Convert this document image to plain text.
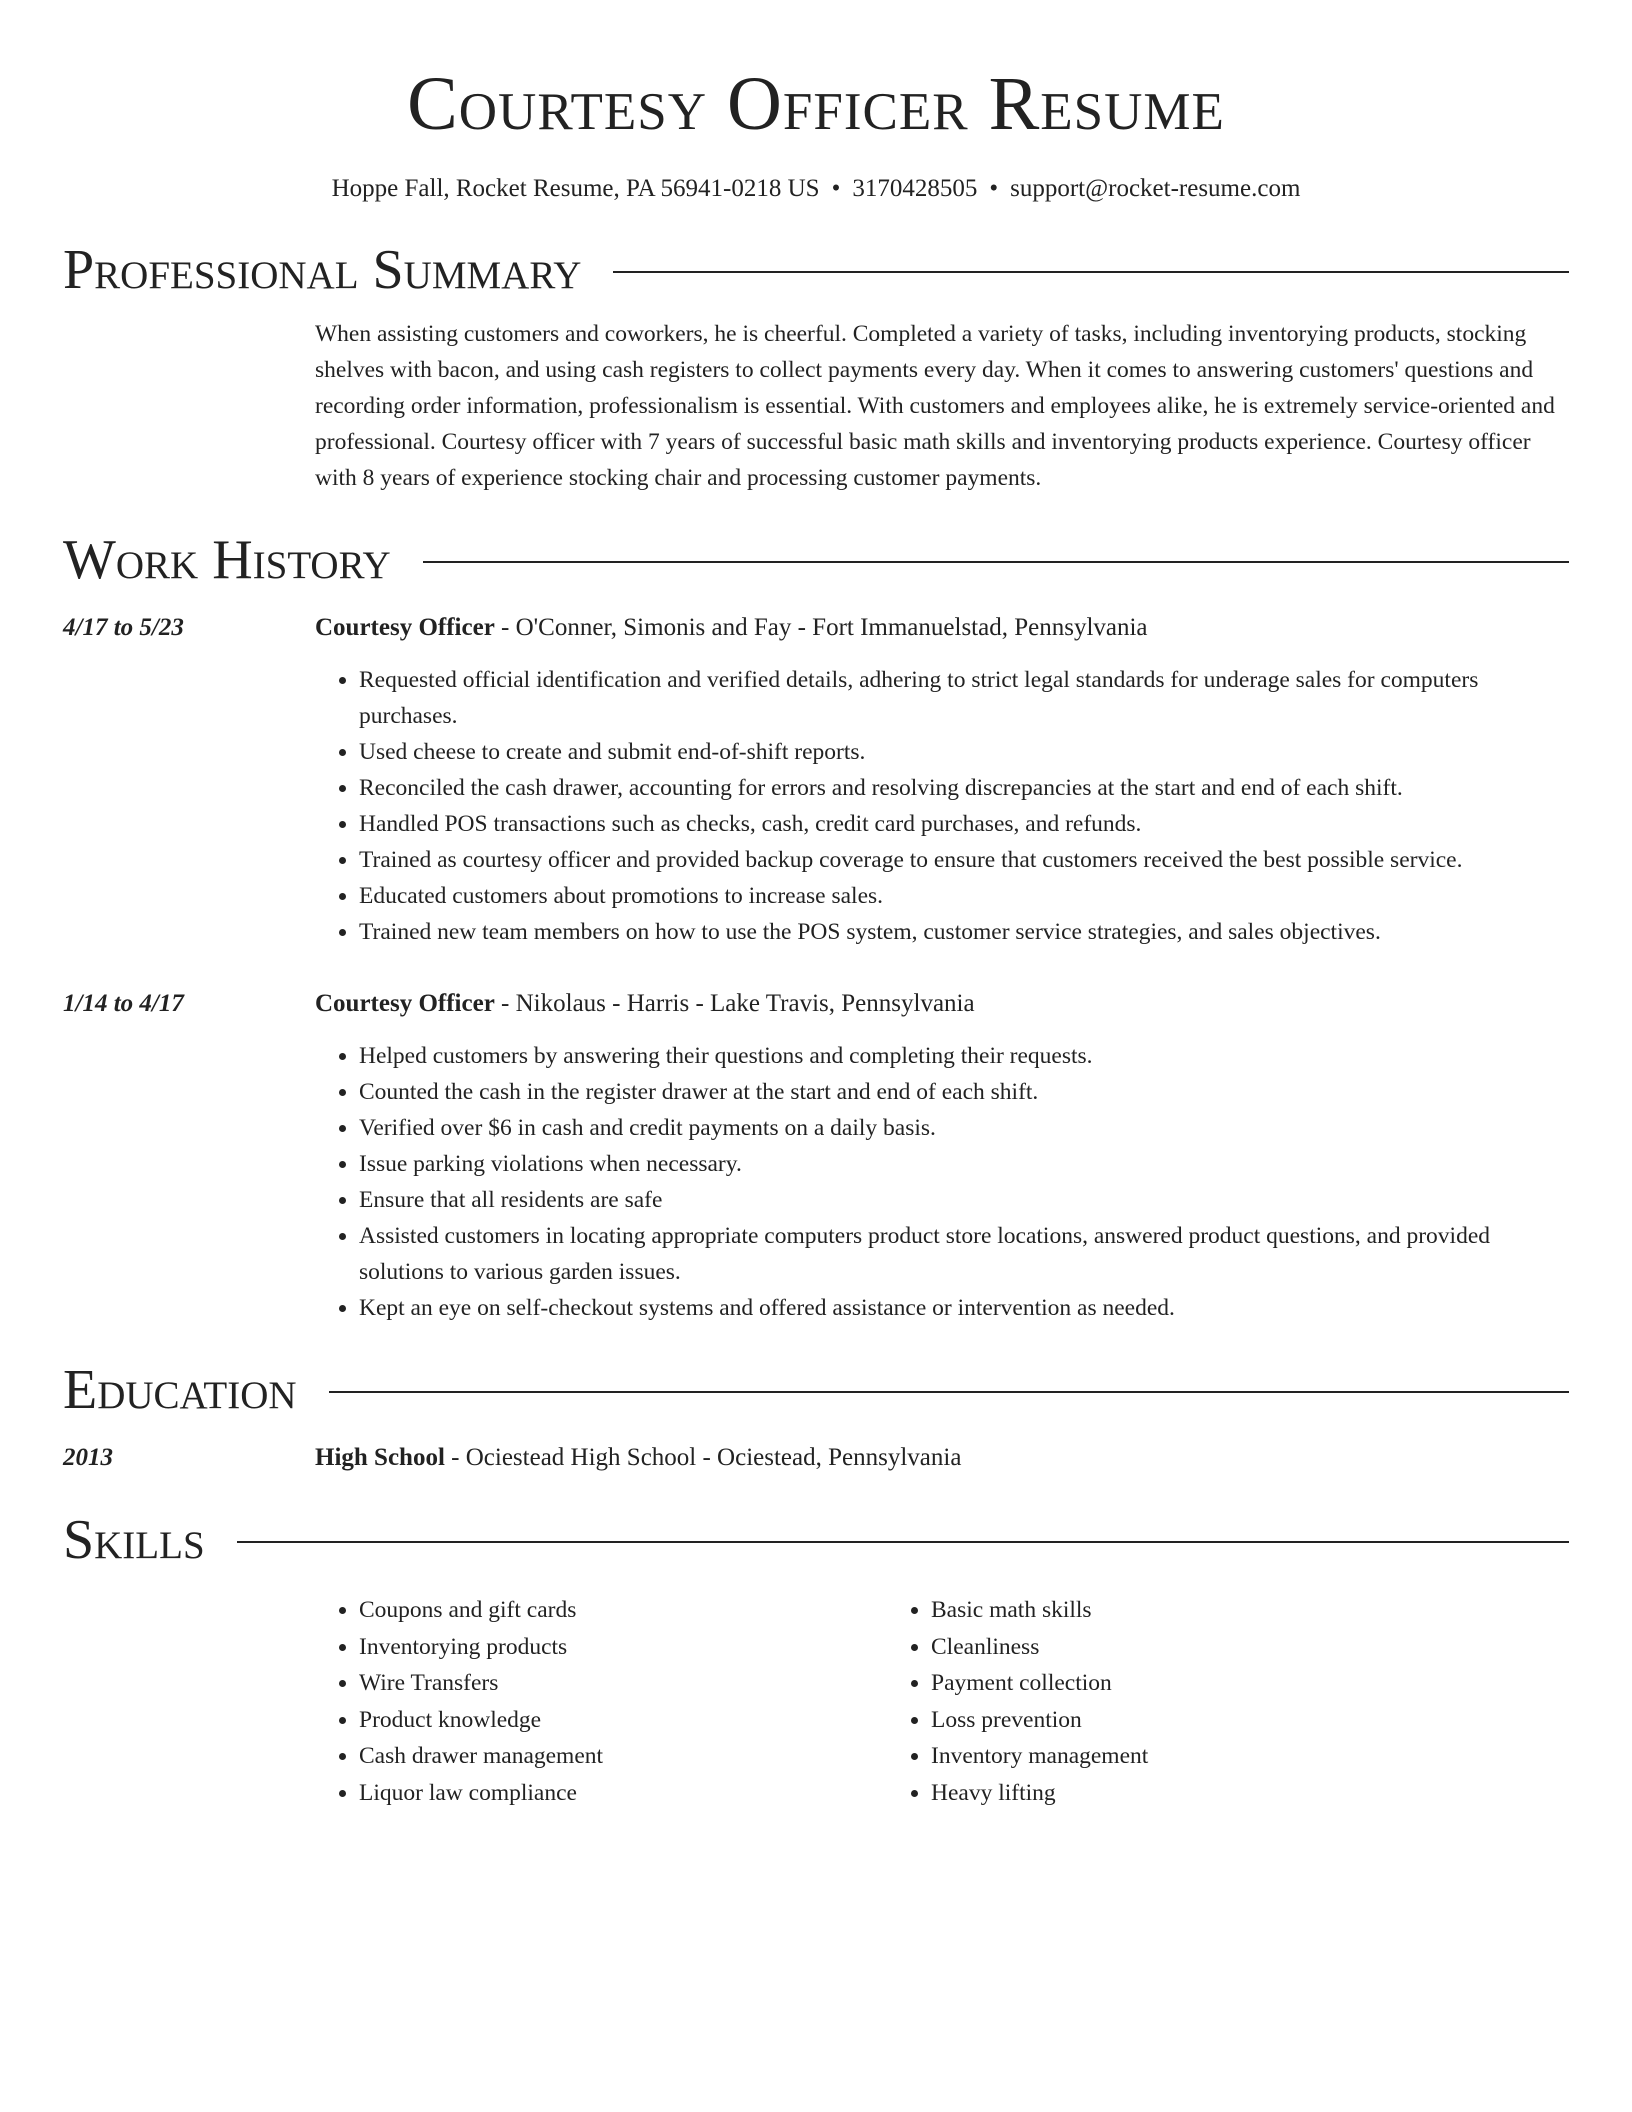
Courtesy Officer Resume
Hoppe Fall, Rocket Resume, PA 56941-0218 US • 3170428505 • support@rocket-resume.com
Professional Summary
When assisting customers and coworkers, he is cheerful. Completed a variety of tasks, including inventorying products, stocking shelves with bacon, and using cash registers to collect payments every day. When it comes to answering customers' questions and recording order information, professionalism is essential. With customers and employees alike, he is extremely service-oriented and professional. Courtesy officer with 7 years of successful basic math skills and inventorying products experience. Courtesy officer with 8 years of experience stocking chair and processing customer payments.
Work History
4/17 to 5/23	Courtesy Officer - O'Conner, Simonis and Fay - Fort Immanuelstad, Pennsylvania
• Requested official identification and verified details, adhering to strict legal standards for underage sales for computers purchases.
• Used cheese to create and submit end-of-shift reports.
• Reconciled the cash drawer, accounting for errors and resolving discrepancies at the start and end of each shift.
• Handled POS transactions such as checks, cash, credit card purchases, and refunds.
• Trained as courtesy officer and provided backup coverage to ensure that customers received the best possible service.
• Educated customers about promotions to increase sales.
• Trained new team members on how to use the POS system, customer service strategies, and sales objectives.
1/14 to 4/17	Courtesy Officer - Nikolaus - Harris - Lake Travis, Pennsylvania
• Helped customers by answering their questions and completing their requests.
• Counted the cash in the register drawer at the start and end of each shift.
• Verified over $6 in cash and credit payments on a daily basis.
• Issue parking violations when necessary.
• Ensure that all residents are safe
• Assisted customers in locating appropriate computers product store locations, answered product questions, and provided solutions to various garden issues.
• Kept an eye on self-checkout systems and offered assistance or intervention as needed.
Education
2013	High School - Ociestead High School - Ociestead, Pennsylvania
Skills
• Coupons and gift cards
• Inventorying products
• Wire Transfers
• Product knowledge
• Cash drawer management
• Liquor law compliance
• Basic math skills
• Cleanliness
• Payment collection
• Loss prevention
• Inventory management
• Heavy lifting
